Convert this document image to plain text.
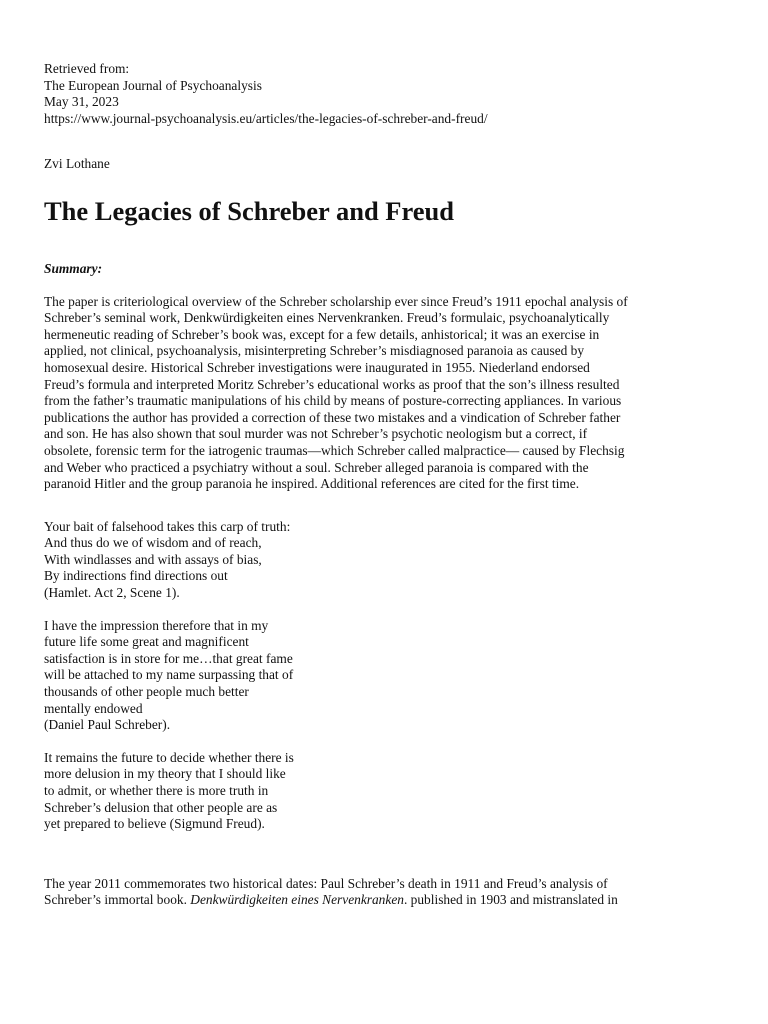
Retrieved from:
The European Journal of Psychoanalysis
May 31, 2023
https://www.journal-psychoanalysis.eu/articles/the-legacies-of-schreber-and-freud/
Zvi Lothane
The Legacies of Schreber and Freud
Summary:
The paper is criteriological overview of the Schreber scholarship ever since Freud’s 1911 epochal analysis of
Schreber’s seminal work, Denkwürdigkeiten eines Nervenkranken. Freud’s formulaic, psychoanalytically
hermeneutic reading of Schreber’s book was, except for a few details, anhistorical; it was an exercise in
applied, not clinical, psychoanalysis, misinterpreting Schreber’s misdiagnosed paranoia as caused by
homosexual desire. Historical Schreber investigations were inaugurated in 1955. Niederland endorsed
Freud’s formula and interpreted Moritz Schreber’s educational works as proof that the son’s illness resulted
from the father’s traumatic manipulations of his child by means of posture-correcting appliances. In various
publications the author has provided a correction of these two mistakes and a vindication of Schreber father
and son. He has also shown that soul murder was not Schreber’s psychotic neologism but a correct, if
obsolete, forensic term for the iatrogenic traumas—which Schreber called malpractice— caused by Flechsig
and Weber who practiced a psychiatry without a soul. Schreber alleged paranoia is compared with the
paranoid Hitler and the group paranoia he inspired. Additional references are cited for the first time.
Your bait of falsehood takes this carp of truth:
And thus do we of wisdom and of reach,
With windlasses and with assays of bias,
By indirections find directions out
(Hamlet. Act 2, Scene 1).
I have the impression therefore that in my
future life some great and magnificent
satisfaction is in store for me…that great fame
will be attached to my name surpassing that of
thousands of other people much better
mentally endowed
(Daniel Paul Schreber).
It remains the future to decide whether there is
more delusion in my theory that I should like
to admit, or whether there is more truth in
Schreber’s delusion that other people are as
yet prepared to believe (Sigmund Freud).
The year 2011 commemorates two historical dates: Paul Schreber’s death in 1911 and Freud’s analysis of
Schreber’s immortal book. Denkwürdigkeiten eines Nervenkranken. published in 1903 and mistranslated in
